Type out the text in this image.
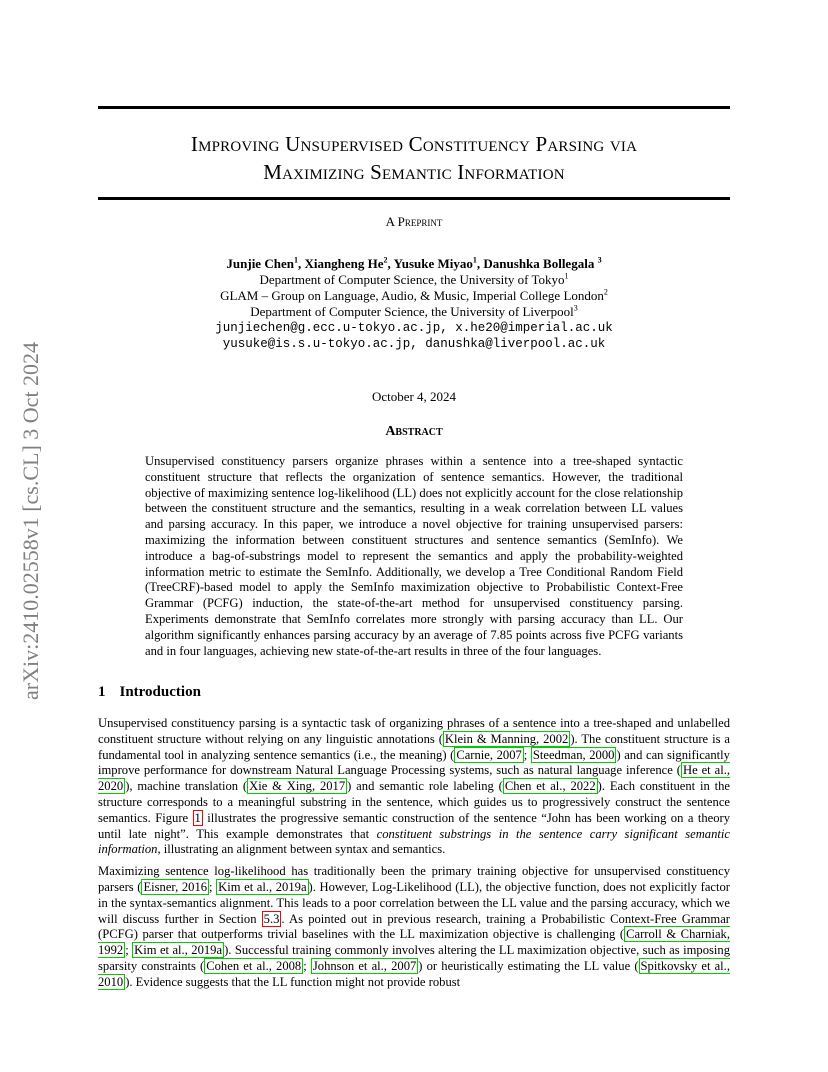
arXiv:2410.02558v1 [cs.CL] 3 Oct 2024
Improving Unsupervised Constituency Parsing via
Maximizing Semantic Information
A Preprint
Junjie Chen$^1$, Xiangheng He$^2$, Yusuke Miyao$^1$, Danushka Bollegala $^3$
Department of Computer Science, the University of Tokyo$^1$
GLAM – Group on Language, Audio, & Music, Imperial College London$^2$
Department of Computer Science, the University of Liverpool$^3$
junjiechen@g.ecc.u-tokyo.ac.jp, x.he20@imperial.ac.uk
yusuke@is.s.u-tokyo.ac.jp, danushka@liverpool.ac.uk
October 4, 2024
Abstract
Unsupervised constituency parsers organize phrases within a sentence into a tree-shaped syntactic constituent structure that reflects the organization of sentence semantics. However, the traditional objective of maximizing sentence log-likelihood (LL) does not explicitly account for the close relationship between the constituent structure and the semantics, resulting in a weak correlation between LL values and parsing accuracy. In this paper, we introduce a novel objective for training unsupervised parsers: maximizing the information between constituent structures and sentence semantics (SemInfo). We introduce a bag-of-substrings model to represent the semantics and apply the probability-weighted information metric to estimate the SemInfo. Additionally, we develop a Tree Conditional Random Field (TreeCRF)-based model to apply the SemInfo maximization objective to Probabilistic Context-Free Grammar (PCFG) induction, the state-of-the-art method for unsupervised constituency parsing. Experiments demonstrate that SemInfo correlates more strongly with parsing accuracy than LL. Our algorithm significantly enhances parsing accuracy by an average of 7.85 points across five PCFG variants and in four languages, achieving new state-of-the-art results in three of the four languages.
1 Introduction

Unsupervised constituency parsing is a syntactic task of organizing phrases of a sentence into a tree-shaped and unlabelled constituent structure without relying on any linguistic annotations ( Klein & Manning, 2002 ). The constituent structure is a fundamental tool in analyzing sentence semantics (i.e., the meaning) ( Carnie, 2007 ; Steedman, 2000 ) and can significantly improve performance for downstream Natural Language Processing systems, such as natural language inference ( He et al., 2020 ), machine translation ( Xie & Xing, 2017 ) and semantic role labeling ( Chen et al., 2022 ). Each constituent in the structure corresponds to a meaningful substring in the sentence, which guides us to progressively construct the sentence semantics. Figure 1 illustrates the progressive semantic construction of the sentence “John has been working on a theory until late night”. This example demonstrates that constituent substrings in the sentence carry significant semantic information, illustrating an alignment between syntax and semantics.

Maximizing sentence log-likelihood has traditionally been the primary training objective for unsupervised constituency parsers ( Eisner, 2016 ; Kim et al., 2019a ). However, Log-Likelihood (LL), the objective function, does not explicitly factor in the syntax-semantics alignment. This leads to a poor correlation between the LL value and the parsing accuracy, which we will discuss further in Section 5.3 . As pointed out in previous research, training a Probabilistic Context-Free Grammar (PCFG) parser that outperforms trivial baselines with the LL maximization objective is challenging ( Carroll & Charniak, 1992 ; Kim et al., 2019a ). Successful training commonly involves altering the LL maximization objective, such as imposing sparsity constraints ( Cohen et al., 2008 ; Johnson et al., 2007 ) or heuristically estimating the LL value ( Spitkovsky et al., 2010 ). Evidence suggests that the LL function might not provide robust
